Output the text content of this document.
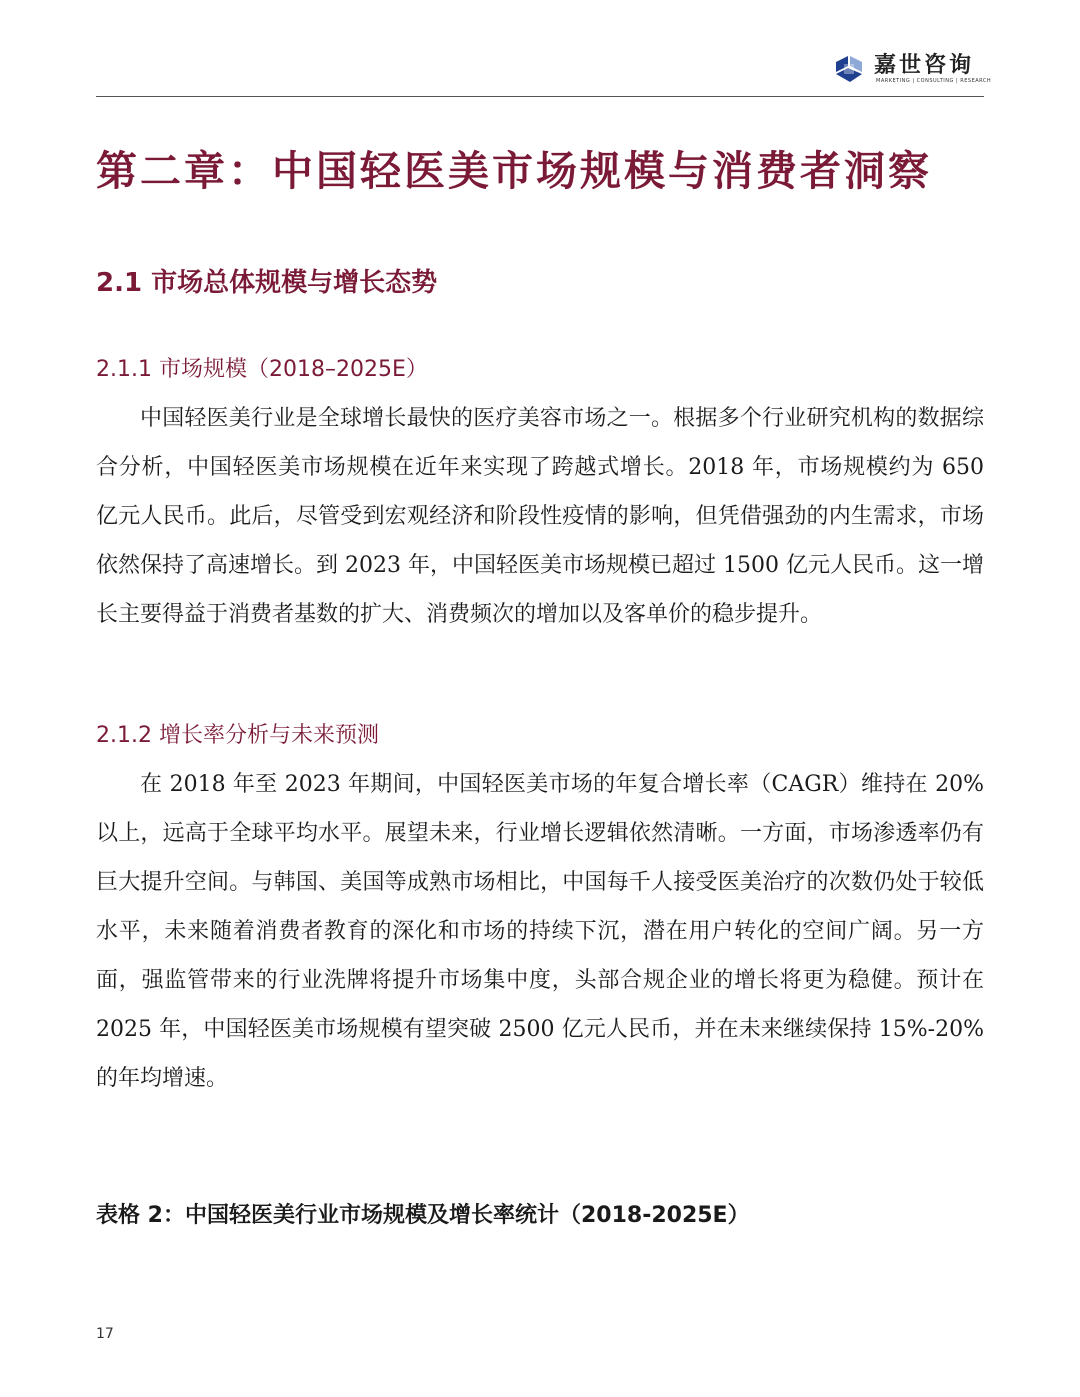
嘉世咨询
MARKETING | CONSULTING | RESEARCH
第二章：中国轻医美市场规模与消费者洞察
2.1 市场总体规模与增长态势
2.1.1 市场规模（2018–2025E）

中国轻医美行业是全球增长最快的医疗美容市场之一。根据多个行业研究机构的数据综合分析，中国轻医美市场规模在近年来实现了跨越式增长。2018 年，市场规模约为 650 亿元人民币。此后，尽管受到宏观经济和阶段性疫情的影响，但凭借强劲的内生需求，市场依然保持了高速增长。到 2023 年，中国轻医美市场规模已超过 1500 亿元人民币。这一增长主要得益于消费者基数的扩大、消费频次的增加以及客单价的稳步提升。

2.1.2 增长率分析与未来预测

在 2018 年至 2023 年期间，中国轻医美市场的年复合增长率（CAGR）维持在 20%以上，远高于全球平均水平。展望未来，行业增长逻辑依然清晰。一方面，市场渗透率仍有巨大提升空间。与韩国、美国等成熟市场相比，中国每千人接受医美治疗的次数仍处于较低水平，未来随着消费者教育的深化和市场的持续下沉，潜在用户转化的空间广阔。另一方面，强监管带来的行业洗牌将提升市场集中度，头部合规企业的增长将更为稳健。预计在 2025 年，中国轻医美市场规模有望突破 2500 亿元人民币，并在未来继续保持 15%-20%的年均增速。

表格 2：中国轻医美行业市场规模及增长率统计（2018-2025E）
17
